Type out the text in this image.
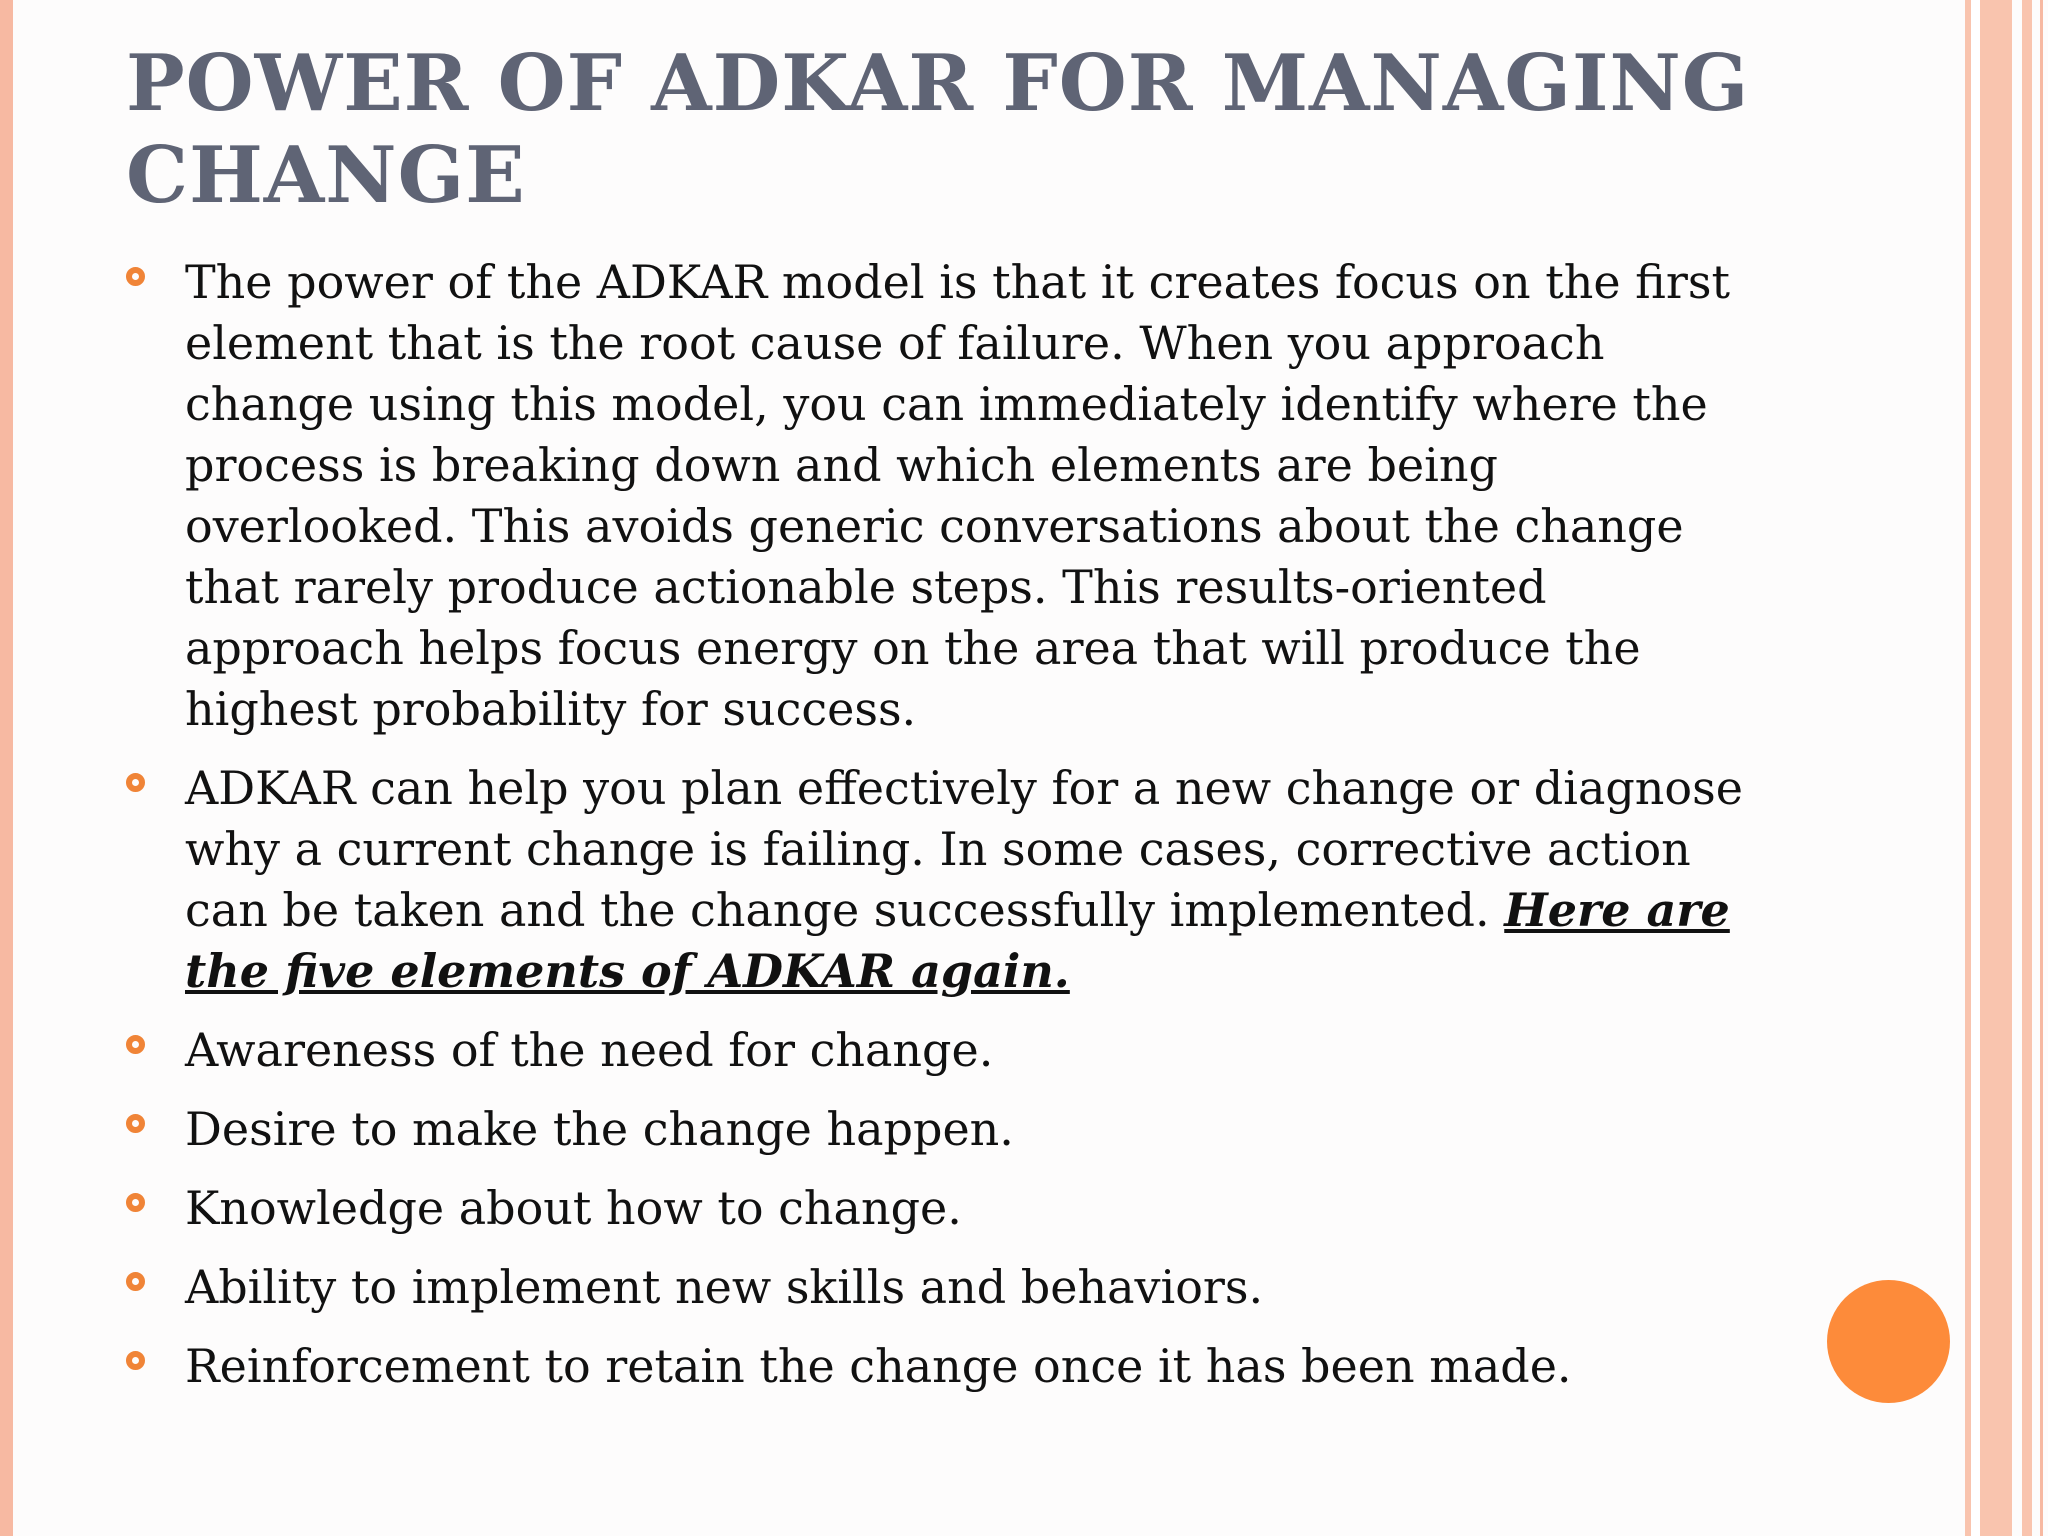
POWER OF ADKAR FOR MANAGING CHANGE
The power of the ADKAR model is that it creates focus on the first element that is the root cause of failure. When you approach change using this model, you can immediately identify where the process is breaking down and which elements are being overlooked. This avoids generic conversations about the change that rarely produce actionable steps. This results-oriented approach helps focus energy on the area that will produce the highest probability for success.
ADKAR can help you plan effectively for a new change or diagnose why a current change is failing. In some cases, corrective action can be taken and the change successfully implemented. Here are the five elements of ADKAR again.
Awareness of the need for change.
Desire to make the change happen.
Knowledge about how to change.
Ability to implement new skills and behaviors.
Reinforcement to retain the change once it has been made.
